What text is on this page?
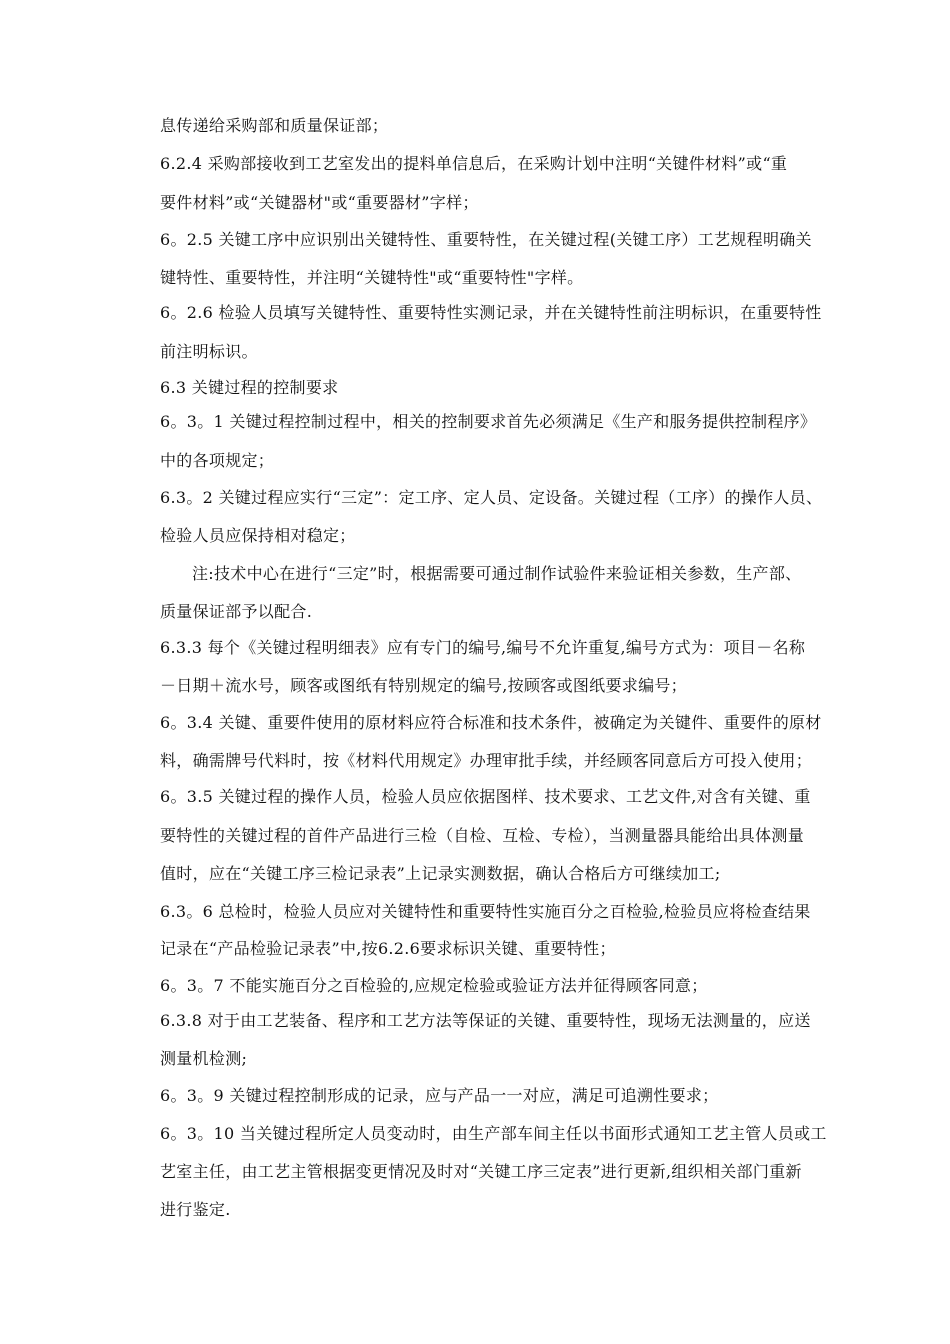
息传递给采购部和质量保证部；
6.2.4 采购部接收到工艺室发出的提料单信息后，在采购计划中注明“关键件材料”或“重
要件材料”或“关键器材"或“重要器材”字样；
6。2.5 关键工序中应识别出关键特性、重要特性，在关键过程(关键工序）工艺规程明确关
键特性、重要特性，并注明“关键特性"或“重要特性"字样。
6。2.6 检验人员填写关键特性、重要特性实测记录，并在关键特性前注明标识，在重要特性
前注明标识。
6.3 关键过程的控制要求
6。3。1 关键过程控制过程中，相关的控制要求首先必须满足《生产和服务提供控制程序》
中的各项规定；
6.3。2 关键过程应实行“三定”：定工序、定人员、定设备。关键过程（工序）的操作人员、
检验人员应保持相对稳定；
注:技术中心在进行“三定”时，根据需要可通过制作试验件来验证相关参数，生产部、
质量保证部予以配合.
6.3.3 每个《关键过程明细表》应有专门的编号,编号不允许重复,编号方式为：项目－名称
－日期＋流水号，顾客或图纸有特别规定的编号,按顾客或图纸要求编号；
6。3.4 关键、重要件使用的原材料应符合标准和技术条件，被确定为关键件、重要件的原材
料，确需牌号代料时，按《材料代用规定》办理审批手续，并经顾客同意后方可投入使用；
6。3.5 关键过程的操作人员，检验人员应依据图样、技术要求、工艺文件,对含有关键、重
要特性的关键过程的首件产品进行三检（自检、互检、专检），当测量器具能给出具体测量
值时，应在“关键工序三检记录表”上记录实测数据，确认合格后方可继续加工;
6.3。6 总检时，检验人员应对关键特性和重要特性实施百分之百检验,检验员应将检查结果
记录在“产品检验记录表”中,按6.2.6要求标识关键、重要特性；
6。3。7 不能实施百分之百检验的,应规定检验或验证方法并征得顾客同意；
6.3.8 对于由工艺装备、程序和工艺方法等保证的关键、重要特性，现场无法测量的，应送
测量机检测;
6。3。9 关键过程控制形成的记录，应与产品一一对应，满足可追溯性要求；
6。3。10 当关键过程所定人员变动时，由生产部车间主任以书面形式通知工艺主管人员或工
艺室主任，由工艺主管根据变更情况及时对“关键工序三定表”进行更新,组织相关部门重新
进行鉴定.
